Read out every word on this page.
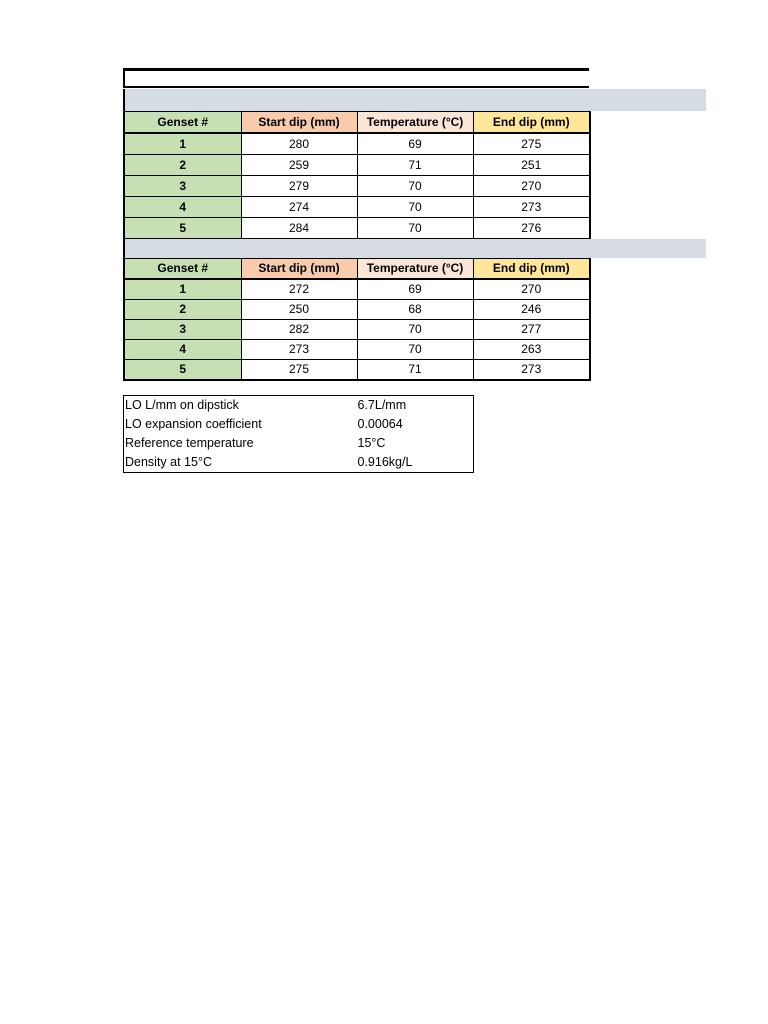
Genset #	Start dip (mm)	Temperature (°C)	End dip (mm)
1	280	69	275
2	259	71	251
3	279	70	270
4	274	70	273
5	284	70	276
Genset #	Start dip (mm)	Temperature (°C)	End dip (mm)
1	272	69	270
2	250	68	246
3	282	70	277
4	273	70	263
5	275	71	273
LO L/mm on dipstick	6.7L/mm
LO expansion coefficient	0.00064
Reference temperature	15°C
Density at 15°C	0.916kg/L
